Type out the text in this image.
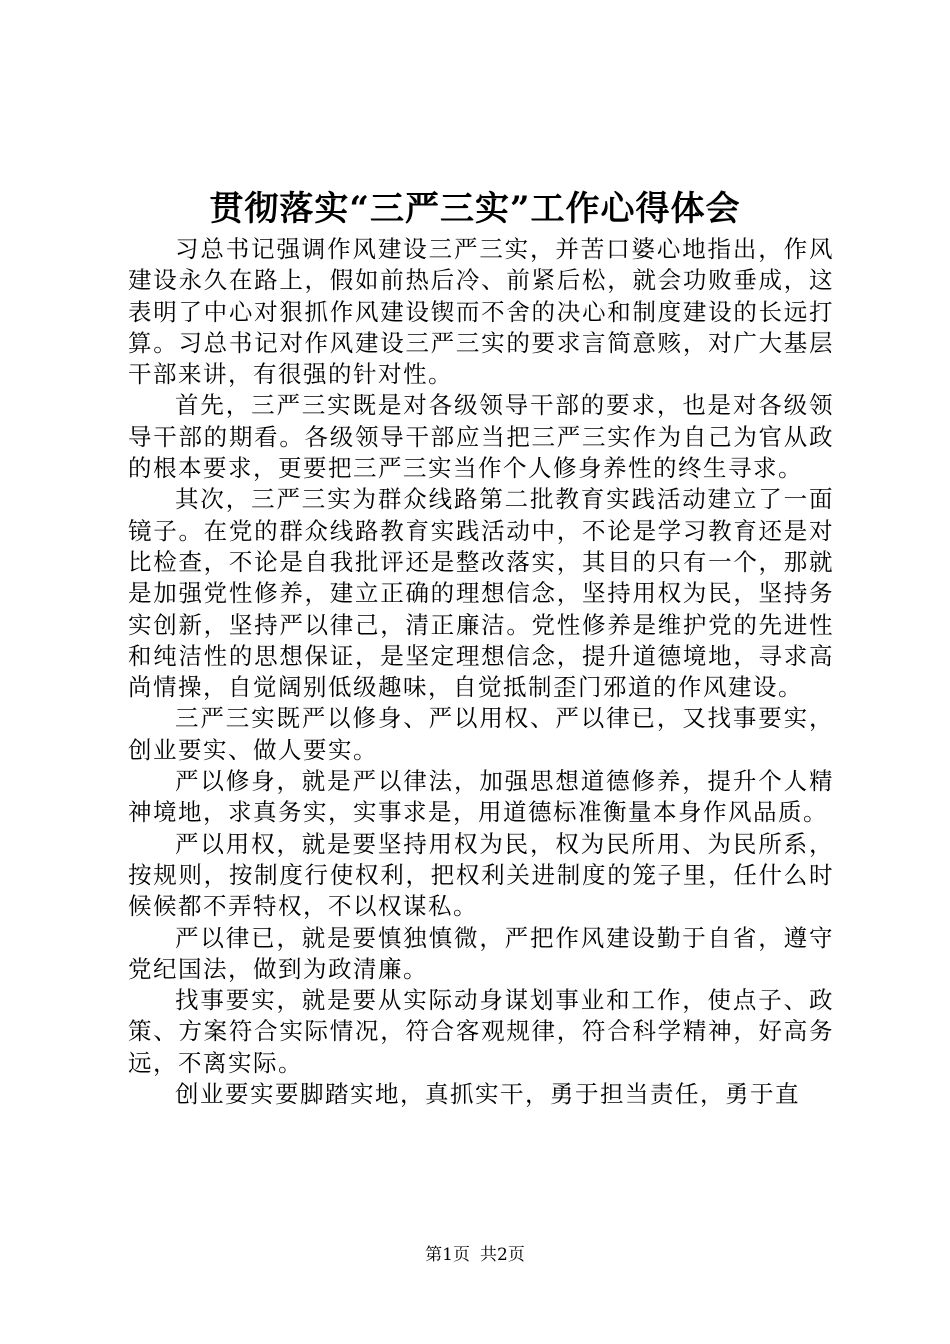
贯彻落实“三严三实”工作心得体会

习总书记强调作风建设三严三实，并苦口婆心地指出，作风建设永久在路上，假如前热后冷、前紧后松，就会功败垂成，这表明了中心对狠抓作风建设锲而不舍的决心和制度建设的长远打算。习总书记对作风建设三严三实的要求言简意赅，对广大基层干部来讲，有很强的针对性。

首先，三严三实既是对各级领导干部的要求，也是对各级领导干部的期看。各级领导干部应当把三严三实作为自己为官从政的根本要求，更要把三严三实当作个人修身养性的终生寻求。

其次，三严三实为群众线路第二批教育实践活动建立了一面镜子。在党的群众线路教育实践活动中，不论是学习教育还是对比检查，不论是自我批评还是整改落实，其目的只有一个，那就是加强党性修养，建立正确的理想信念，坚持用权为民，坚持务实创新，坚持严以律己，清正廉洁。党性修养是维护党的先进性和纯洁性的思想保证，是坚定理想信念，提升道德境地，寻求高尚情操，自觉阔别低级趣味，自觉抵制歪门邪道的作风建设。

三严三实既严以修身、严以用权、严以律已，又找事要实，创业要实、做人要实。

严以修身，就是严以律法，加强思想道德修养，提升个人精神境地，求真务实，实事求是，用道德标准衡量本身作风品质。

严以用权，就是要坚持用权为民，权为民所用、为民所系，按规则，按制度行使权利，把权利关进制度的笼子里，任什么时候候都不弄特权，不以权谋私。

严以律已，就是要慎独慎微，严把作风建设勤于自省，遵守党纪国法，做到为政清廉。

找事要实，就是要从实际动身谋划事业和工作，使点子、政策、方案符合实际情况，符合客观规律，符合科学精神，好高务远，不离实际。

创业要实要脚踏实地，真抓实干，勇于担当责任，勇于直

第1页 共2页
